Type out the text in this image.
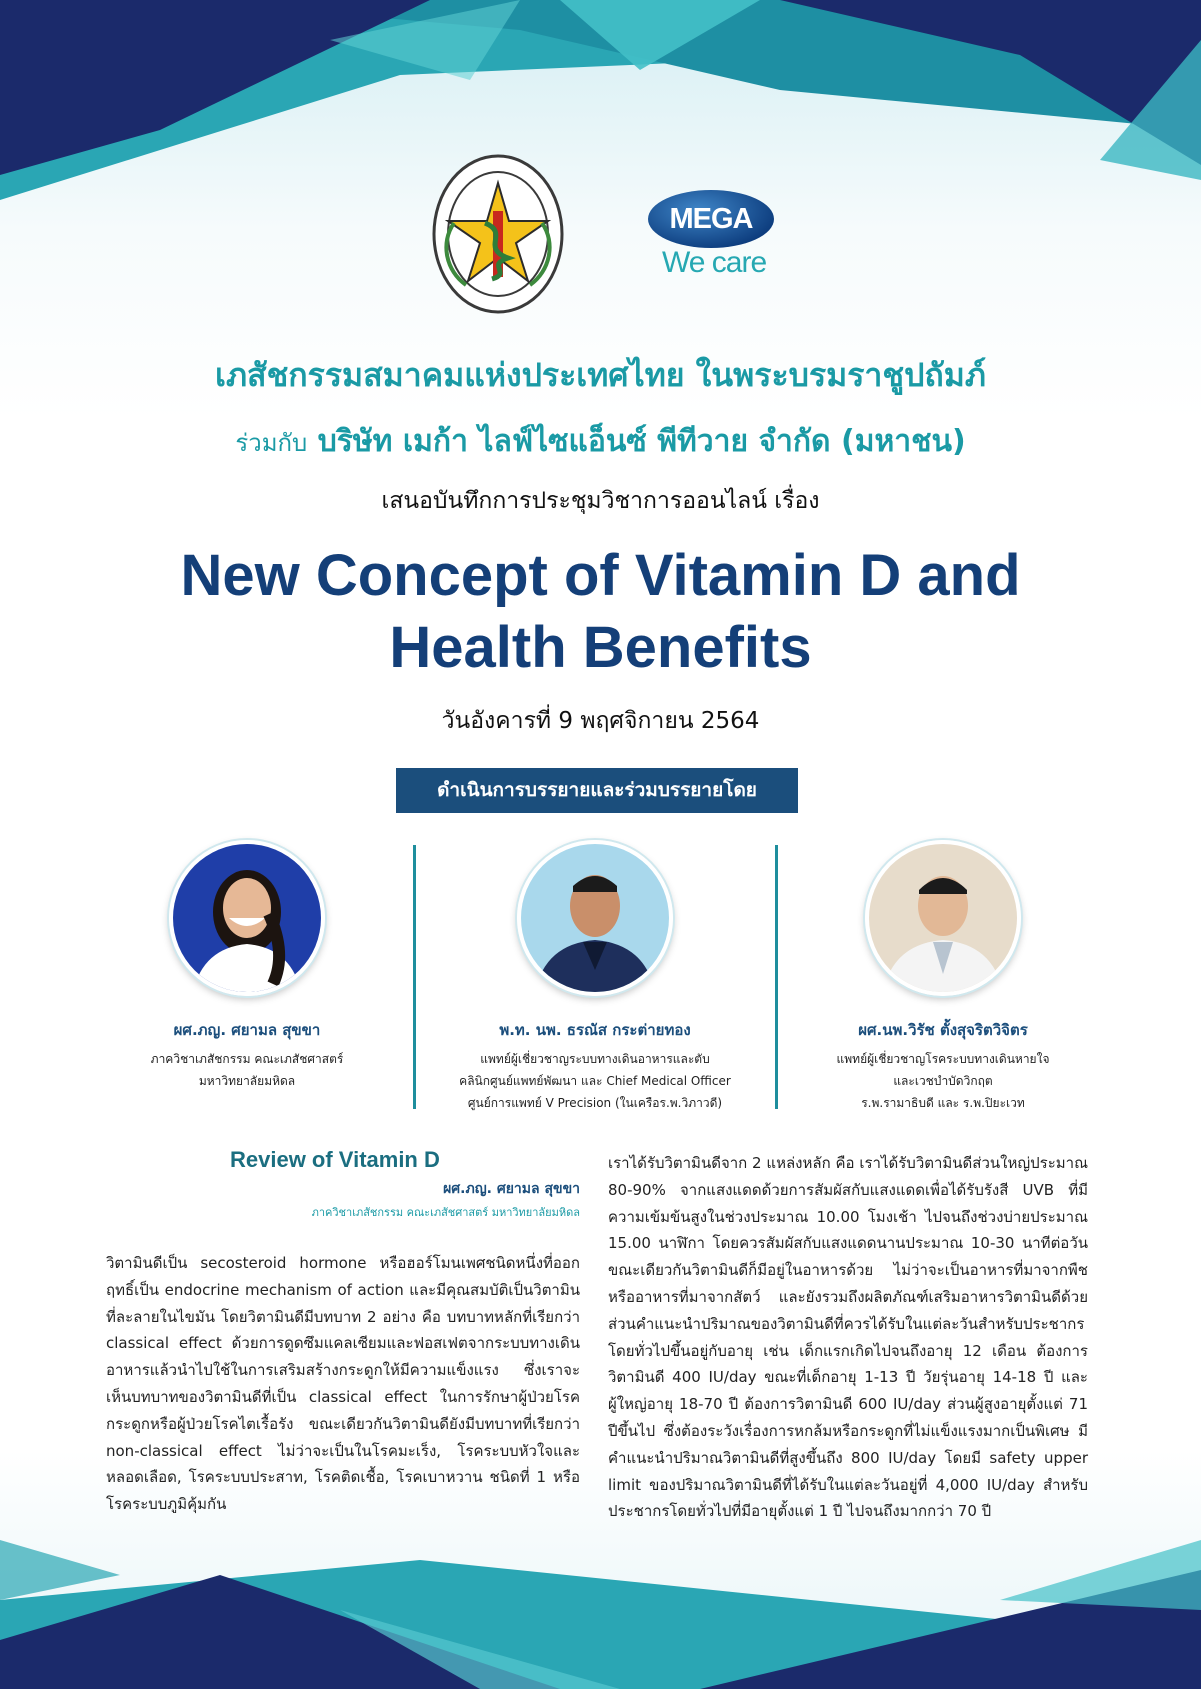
MEGA
We care
เภสัชกรรมสมาคมแห่งประเทศไทย ในพระบรมราชูปถัมภ์
ร่วมกับ บริษัท เมก้า ไลฟ์ไซแอ็นซ์ พีทีวาย จำกัด (มหาชน)
เสนอบันทึกการประชุมวิชาการออนไลน์ เรื่อง
New Concept of Vitamin D and
Health Benefits
วันอังคารที่ 9 พฤศจิกายน 2564
ดำเนินการบรรยายและร่วมบรรยายโดย
ผศ.ภญ. ศยามล สุขขา
ภาควิชาเภสัชกรรม คณะเภสัชศาสตร์
มหาวิทยาลัยมหิดล
พ.ท. นพ. ธรณัส กระต่ายทอง
แพทย์ผู้เชี่ยวชาญระบบทางเดินอาหารและตับ
คลินิกศูนย์แพทย์พัฒนา และ Chief Medical Officer
ศูนย์การแพทย์ V Precision (ในเครือร.พ.วิภาวดี)
ผศ.นพ.วิรัช ตั้งสุจริตวิจิตร
แพทย์ผู้เชี่ยวชาญโรคระบบทางเดินหายใจ
และเวชบำบัดวิกฤต
ร.พ.รามาธิบดี และ ร.พ.ปิยะเวท
Review of Vitamin D
ผศ.ภญ. ศยามล สุขขา
ภาควิชาเภสัชกรรม คณะเภสัชศาสตร์ มหาวิทยาลัยมหิดล
วิตามินดีเป็น secosteroid hormone หรือฮอร์โมนเพศชนิดหนึ่งที่ออกฤทธิ์เป็น endocrine mechanism of action และมีคุณสมบัติเป็นวิตามินที่ละลายในไขมัน โดยวิตามินดีมีบทบาท 2 อย่าง คือ บทบาทหลักที่เรียกว่า classical effect ด้วยการดูดซึมแคลเซียมและฟอสเฟตจากระบบทางเดินอาหารแล้วนำไปใช้ในการเสริมสร้างกระดูกให้มีความแข็งแรง ซึ่งเราจะเห็นบทบาทของวิตามินดีที่เป็น classical effect ในการรักษาผู้ป่วยโรคกระดูกหรือผู้ป่วยโรคไตเรื้อรัง ขณะเดียวกันวิตามินดียังมีบทบาทที่เรียกว่า non-classical effect ไม่ว่าจะเป็นในโรคมะเร็ง, โรคระบบหัวใจและหลอดเลือด, โรคระบบประสาท, โรคติดเชื้อ, โรคเบาหวาน ชนิดที่ 1 หรือโรคระบบภูมิคุ้มกัน
เราได้รับวิตามินดีจาก 2 แหล่งหลัก คือ เราได้รับวิตามินดีส่วนใหญ่ประมาณ 80-90% จากแสงแดดด้วยการสัมผัสกับแสงแดดเพื่อได้รับรังสี UVB ที่มีความเข้มข้นสูงในช่วงประมาณ 10.00 โมงเช้า ไปจนถึงช่วงบ่ายประมาณ 15.00 นาฬิกา โดยควรสัมผัสกับแสงแดดนานประมาณ 10-30 นาทีต่อวัน ขณะเดียวกันวิตามินดีก็มีอยู่ในอาหารด้วย ไม่ว่าจะเป็นอาหารที่มาจากพืชหรืออาหารที่มาจากสัตว์ และยังรวมถึงผลิตภัณฑ์เสริมอาหารวิตามินดีด้วย ส่วนคำแนะนำปริมาณของวิตามินดีที่ควรได้รับในแต่ละวันสำหรับประชากรโดยทั่วไปขึ้นอยู่กับอายุ เช่น เด็กแรกเกิดไปจนถึงอายุ 12 เดือน ต้องการวิตามินดี 400 IU/day ขณะที่เด็กอายุ 1-13 ปี วัยรุ่นอายุ 14-18 ปี และผู้ใหญ่อายุ 18-70 ปี ต้องการวิตามินดี 600 IU/day ส่วนผู้สูงอายุตั้งแต่ 71 ปีขึ้นไป ซึ่งต้องระวังเรื่องการหกล้มหรือกระดูกที่ไม่แข็งแรงมากเป็นพิเศษ มีคำแนะนำปริมาณวิตามินดีที่สูงขึ้นถึง 800 IU/day โดยมี safety upper limit ของปริมาณวิตามินดีที่ได้รับในแต่ละวันอยู่ที่ 4,000 IU/day สำหรับประชากรโดยทั่วไปที่มีอายุตั้งแต่ 1 ปี ไปจนถึงมากกว่า 70 ปี
